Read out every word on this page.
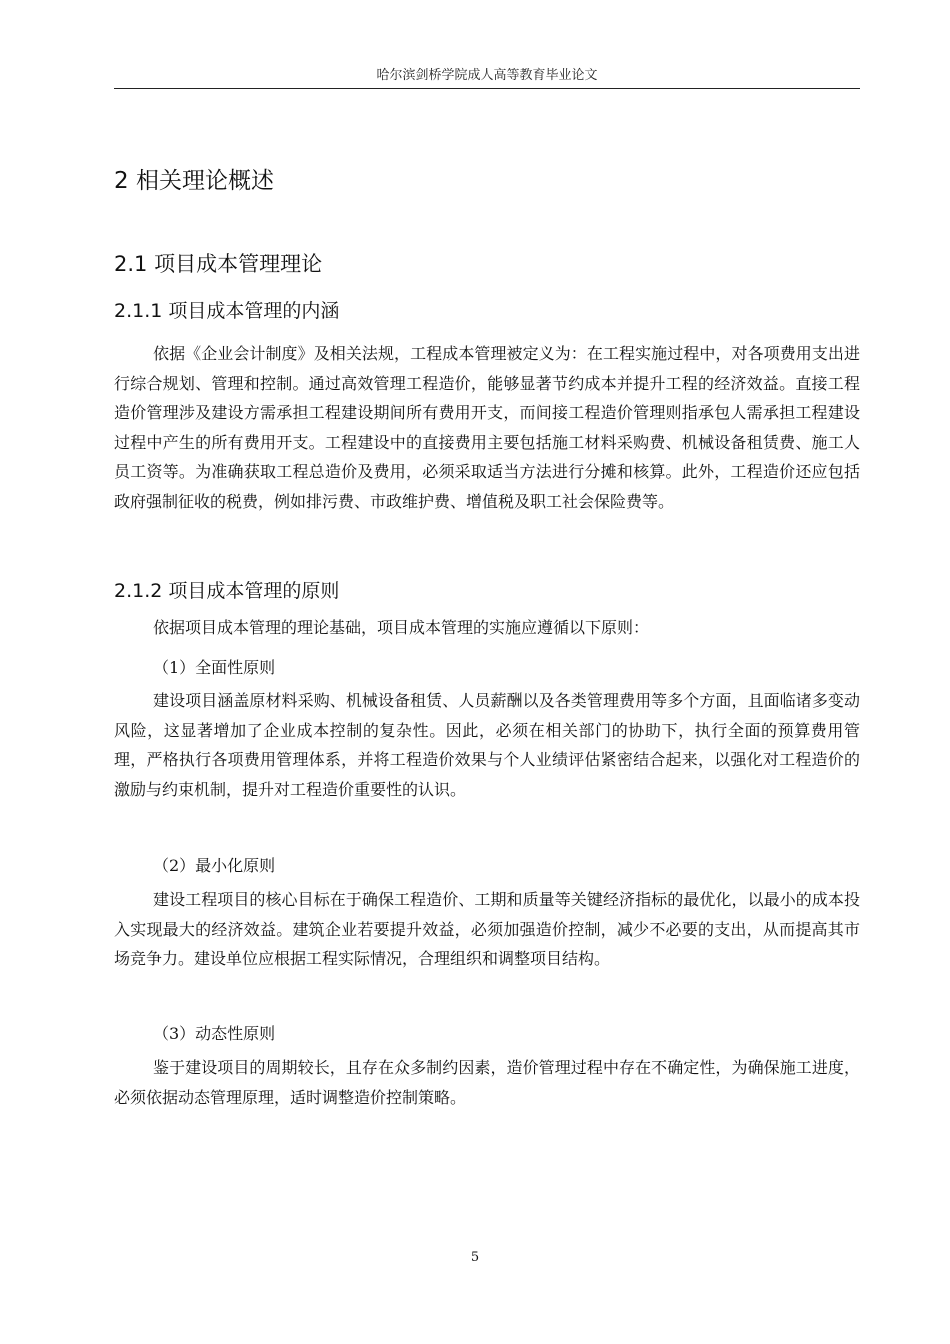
哈尔滨剑桥学院成人高等教育毕业论文
2 相关理论概述
2.1 项目成本管理理论
2.1.1 项目成本管理的内涵

依据《企业会计制度》及相关法规，工程成本管理被定义为：在工程实施过程中，对各项费用支出进行综合规划、管理和控制。通过高效管理工程造价，能够显著节约成本并提升工程的经济效益。直接工程造价管理涉及建设方需承担工程建设期间所有费用开支，而间接工程造价管理则指承包人需承担工程建设过程中产生的所有费用开支。工程建设中的直接费用主要包括施工材料采购费、机械设备租赁费、施工人员工资等。为准确获取工程总造价及费用，必须采取适当方法进行分摊和核算。此外，工程造价还应包括政府强制征收的税费，例如排污费、市政维护费、增值税及职工社会保险费等。

2.1.2 项目成本管理的原则

依据项目成本管理的理论基础，项目成本管理的实施应遵循以下原则：

（1）全面性原则

建设项目涵盖原材料采购、机械设备租赁、人员薪酬以及各类管理费用等多个方面，且面临诸多变动风险，这显著增加了企业成本控制的复杂性。因此，必须在相关部门的协助下，执行全面的预算费用管理，严格执行各项费用管理体系，并将工程造价效果与个人业绩评估紧密结合起来，以强化对工程造价的激励与约束机制，提升对工程造价重要性的认识。

（2）最小化原则

建设工程项目的核心目标在于确保工程造价、工期和质量等关键经济指标的最优化，以最小的成本投入实现最大的经济效益。建筑企业若要提升效益，必须加强造价控制，减少不必要的支出，从而提高其市场竞争力。建设单位应根据工程实际情况，合理组织和调整项目结构。

（3）动态性原则

鉴于建设项目的周期较长，且存在众多制约因素，造价管理过程中存在不确定性，为确保施工进度，必须依据动态管理原理，适时调整造价控制策略。

5
